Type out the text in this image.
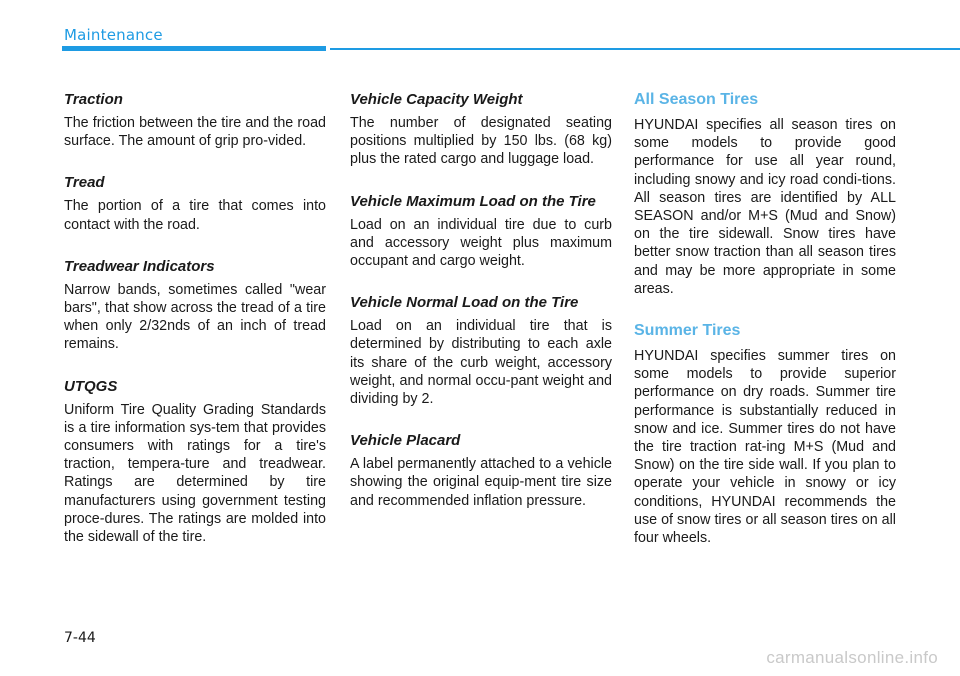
Maintenance
Traction

The friction between the tire and the road surface. The amount of grip pro-vided.

Tread

The portion of a tire that comes into contact with the road.

Treadwear Indicators

Narrow bands, sometimes called "wear bars", that show across the tread of a tire when only 2/32nds of an inch of tread remains.

UTQGS

Uniform Tire Quality Grading Standards is a tire information sys-tem that provides consumers with ratings for a tire's traction, tempera-ture and treadwear. Ratings are determined by tire manufacturers using government testing proce-dures. The ratings are molded into the sidewall of the tire.

Vehicle Capacity Weight

The number of designated seating positions multiplied by 150 lbs. (68 kg) plus the rated cargo and luggage load.

Vehicle Maximum Load on the Tire

Load on an individual tire due to curb and accessory weight plus maximum occupant and cargo weight.

Vehicle Normal Load on the Tire

Load on an individual tire that is determined by distributing to each axle its share of the curb weight, accessory weight, and normal occu-pant weight and dividing by 2.

Vehicle Placard

A label permanently attached to a vehicle showing the original equip-ment tire size and recommended inflation pressure.

All Season Tires

HYUNDAI specifies all season tires on some models to provide good performance for use all year round, including snowy and icy road condi-tions. All season tires are identified by ALL SEASON and/or M+S (Mud and Snow) on the tire sidewall. Snow tires have better snow traction than all season tires and may be more appropriate in some areas.

Summer Tires

HYUNDAI specifies summer tires on some models to provide superior performance on dry roads. Summer tire performance is substantially reduced in snow and ice. Summer tires do not have the tire traction rat-ing M+S (Mud and Snow) on the tire side wall. If you plan to operate your vehicle in snowy or icy conditions, HYUNDAI recommends the use of snow tires or all season tires on all four wheels.

7-44
carmanualsonline.info
